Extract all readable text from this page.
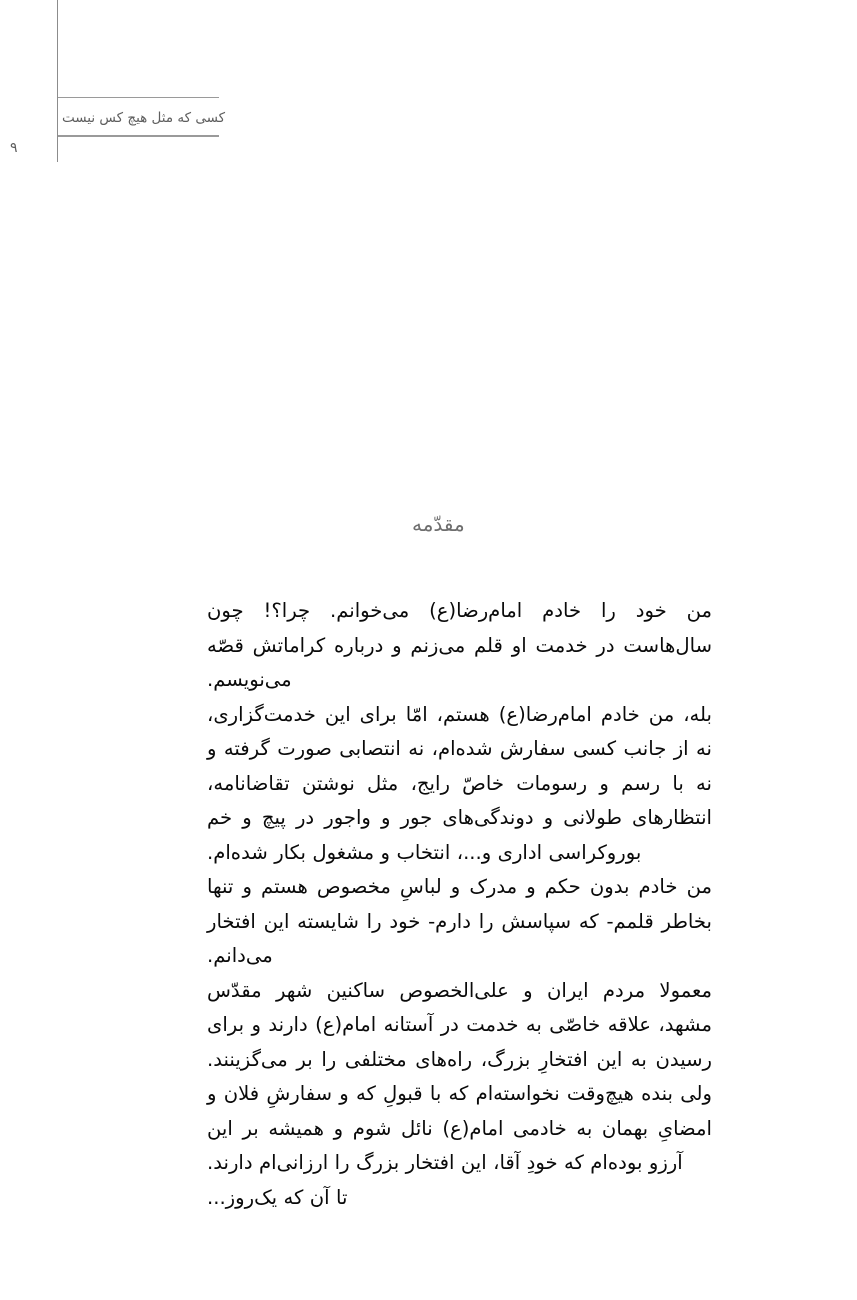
کسی که مثل هیچ کس نیست
۹
مقدّمه

من خود را خادم امام‌رضا(ع) می‌خوانم. چرا؟! چون سال‌هاست در خدمت او قلم می‌زنم و درباره کراماتش قصّه می‌نویسم.

بله، من خادم امام‌رضا(ع) هستم، امّا برای این خدمت‌گزاری، نه از جانب کسی سفارش شده‌ام، نه انتصابی صورت گرفته و نه با رسم و رسومات خاصّ رایج، مثل نوشتن تقاضانامه، انتظارهای طولانی و دوندگی‌های جور و واجور در پیچ و خم بوروکراسی اداری و...، انتخاب و مشغول بکار شده‌ام.

من خادم بدون حکم و مدرک و لباسِ مخصوص هستم و تنها بخاطر قلمم- که سپاسش را دارم- خود را شایسته این افتخار می‌دانم.

معمولا مردم ایران و علی‌الخصوص ساکنین شهر مقدّس مشهد، علاقه خاصّی به خدمت در آستانه امام(ع) دارند و برای رسیدن به این افتخارِ بزرگ، راه‌های مختلفی را بر می‌گزینند. ولی بنده هیچ‌وقت نخواسته‌ام که با قبولِ که و سفارشِ فلان و امضایِ بهمان به خادمی امام(ع) نائل شوم و همیشه بر این آرزو بوده‌ام که خودِ آقا، این افتخار بزرگ را ارزانی‌ام دارند.

تا آن که یک‌روز...
